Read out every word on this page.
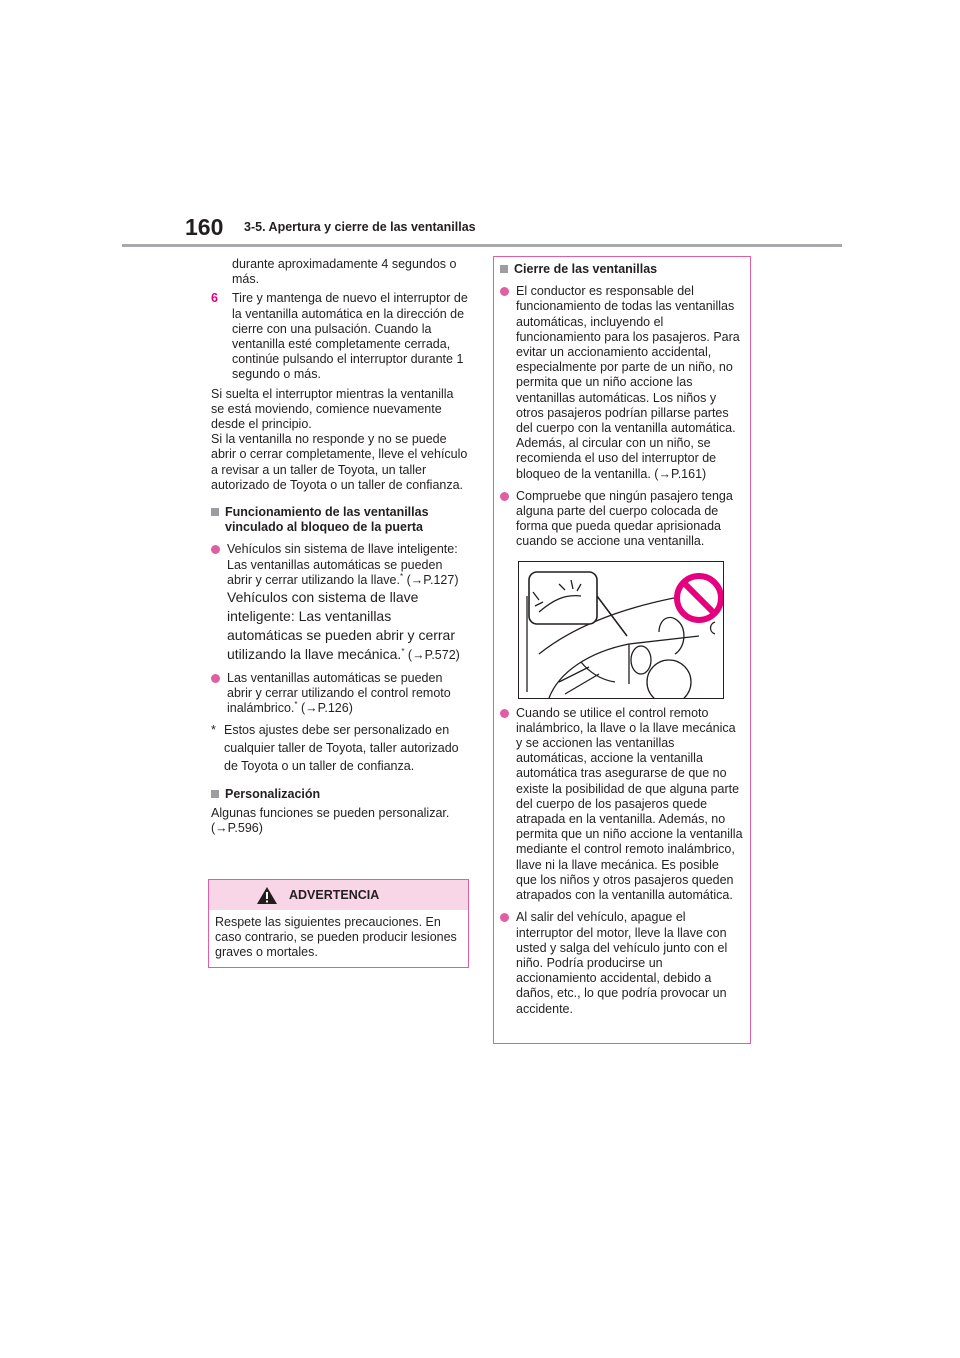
160 3-5. Apertura y cierre de las ventanillas

durante aproximadamente 4 segundos o más.

6	Tire y mantenga de nuevo el interruptor de la ventanilla automática en la dirección de cierre con una pulsación. Cuando la ventanilla esté completamente cerrada, continúe pulsando el interruptor durante 1 segundo o más.

Si suelta el interruptor mientras la ventanilla se está moviendo, comience nuevamente desde el principio.

Si la ventanilla no responde y no se puede abrir o cerrar completamente, lleve el vehículo a revisar a un taller de Toyota, un taller autorizado de Toyota o un taller de confianza.

Funcionamiento de las ventanillas vinculado al bloqueo de la puerta
Vehículos sin sistema de llave inteligente: Las ventanillas automáticas se pueden abrir y cerrar utilizando la llave.* (→P.127) Vehículos con sistema de llave inteligente: Las ventanillas automáticas se pueden abrir y cerrar utilizando la llave mecánica.* (→P.572)
Las ventanillas automáticas se pueden abrir y cerrar utilizando el control remoto inalámbrico.* (→P.126)
* Estos ajustes debe ser personalizado en cualquier taller de Toyota, taller autorizado de Toyota o un taller de confianza.
Personalización

Algunas funciones se pueden personalizar. (→P.596)

ADVERTENCIA
Respete las siguientes precauciones. En caso contrario, se pueden producir lesiones graves o mortales.
Cierre de las ventanillas
El conductor es responsable del funcionamiento de todas las ventanillas automáticas, incluyendo el funcionamiento para los pasajeros. Para evitar un accionamiento accidental, especialmente por parte de un niño, no permita que un niño accione las ventanillas automáticas. Los niños y otros pasajeros podrían pillarse partes del cuerpo con la ventanilla automática. Además, al circular con un niño, se recomienda el uso del interruptor de bloqueo de la ventanilla. (→P.161)
Compruebe que ningún pasajero tenga alguna parte del cuerpo colocada de forma que pueda quedar aprisionada cuando se accione una ventanilla.
Cuando se utilice el control remoto inalámbrico, la llave o la llave mecánica y se accionen las ventanillas automáticas, accione la ventanilla automática tras asegurarse de que no existe la posibilidad de que alguna parte del cuerpo de los pasajeros quede atrapada en la ventanilla. Además, no permita que un niño accione la ventanilla mediante el control remoto inalámbrico, llave ni la llave mecánica. Es posible que los niños y otros pasajeros queden atrapados con la ventanilla automática.
Al salir del vehículo, apague el interruptor del motor, lleve la llave con usted y salga del vehículo junto con el niño. Podría producirse un accionamiento accidental, debido a daños, etc., lo que podría provocar un accidente.
